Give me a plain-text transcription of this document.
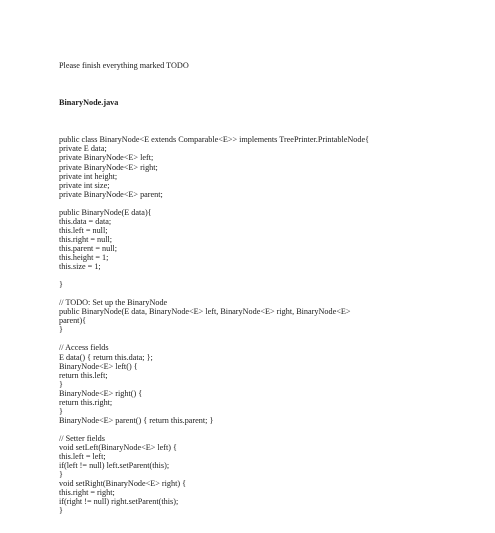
Please finish everything marked TODO

BinaryNode.java

public class BinaryNode<E extends Comparable<E>> implements TreePrinter.PrintableNode{
private E data;
private BinaryNode<E> left;
private BinaryNode<E> right;
private int height;
private int size;
private BinaryNode<E> parent;
public BinaryNode(E data){
this.data = data;
this.left = null;
this.right = null;
this.parent = null;
this.height = 1;
this.size = 1;
}
// TODO: Set up the BinaryNode
public BinaryNode(E data, BinaryNode<E> left, BinaryNode<E> right, BinaryNode<E>
parent){
}
// Access fields
E data() { return this.data; };
BinaryNode<E> left() {
return this.left;
}
BinaryNode<E> right() {
return this.right;
}
BinaryNode<E> parent() { return this.parent; }
// Setter fields
void setLeft(BinaryNode<E> left) {
this.left = left;
if(left != null) left.setParent(this);
}
void setRight(BinaryNode<E> right) {
this.right = right;
if(right != null) right.setParent(this);
}
